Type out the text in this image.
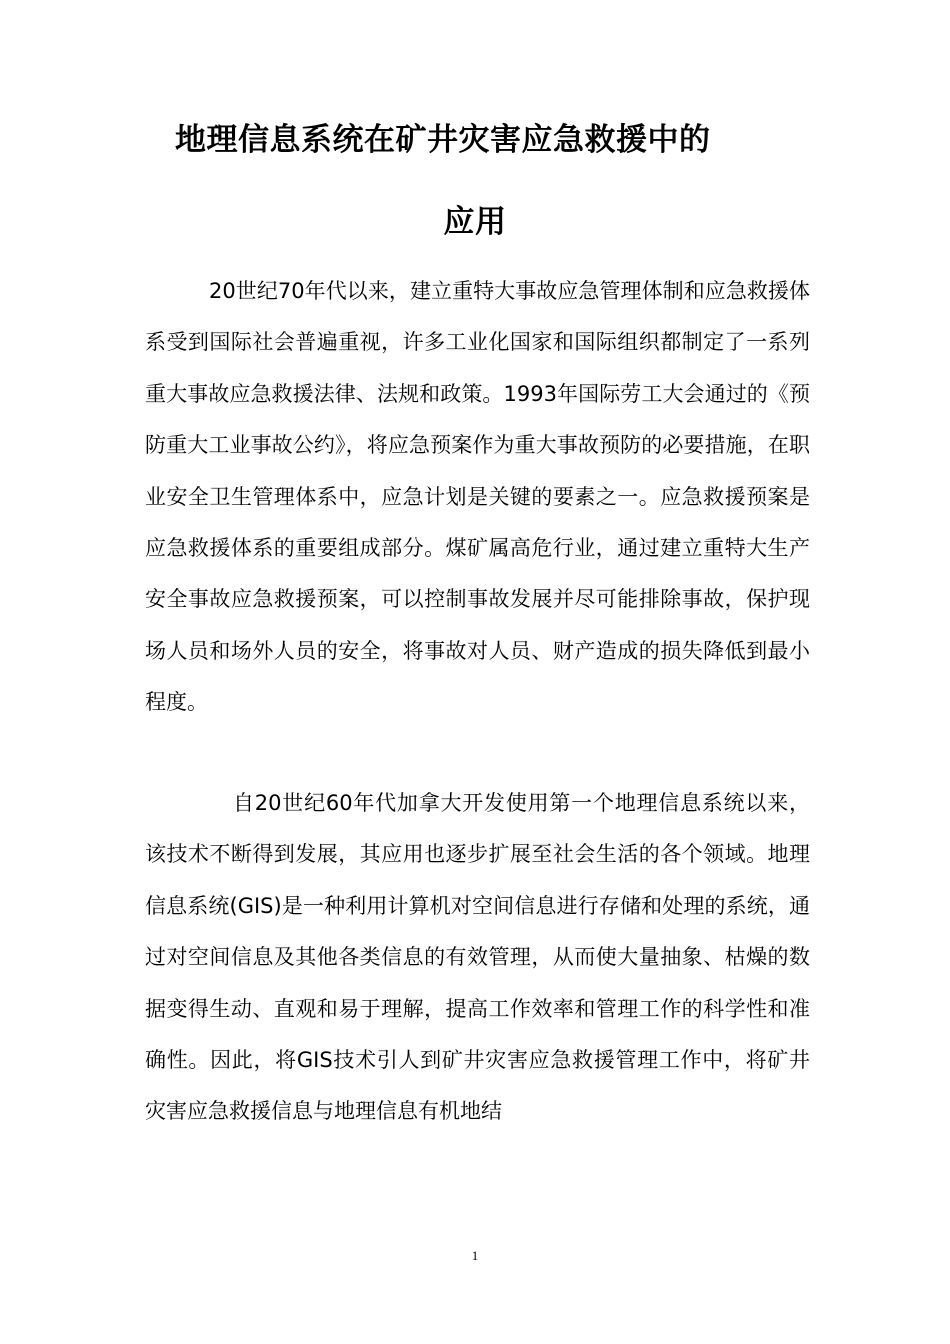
地理信息系统在矿井灾害应急救援中的
应用

20世纪70年代以来，建立重特大事故应急管理体制和应急救援体系受到国际社会普遍重视，许多工业化国家和国际组织都制定了一系列重大事故应急救援法律、法规和政策。1993年国际劳工大会通过的《预防重大工业事故公约》，将应急预案作为重大事故预防的必要措施，在职业安全卫生管理体系中，应急计划是关键的要素之一。应急救援预案是应急救援体系的重要组成部分。煤矿属高危行业，通过建立重特大生产安全事故应急救援预案，可以控制事故发展并尽可能排除事故，保护现场人员和场外人员的安全，将事故对人员、财产造成的损失降低到最小程度。

自20世纪60年代加拿大开发使用第一个地理信息系统以来，该技术不断得到发展，其应用也逐步扩展至社会生活的各个领域。地理信息系统(GIS)是一种利用计算机对空间信息进行存储和处理的系统，通过对空间信息及其他各类信息的有效管理，从而使大量抽象、枯燥的数据变得生动、直观和易于理解，提高工作效率和管理工作的科学性和准确性。因此，将GIS技术引人到矿井灾害应急救援管理工作中，将矿井灾害应急救援信息与地理信息有机地结

1
